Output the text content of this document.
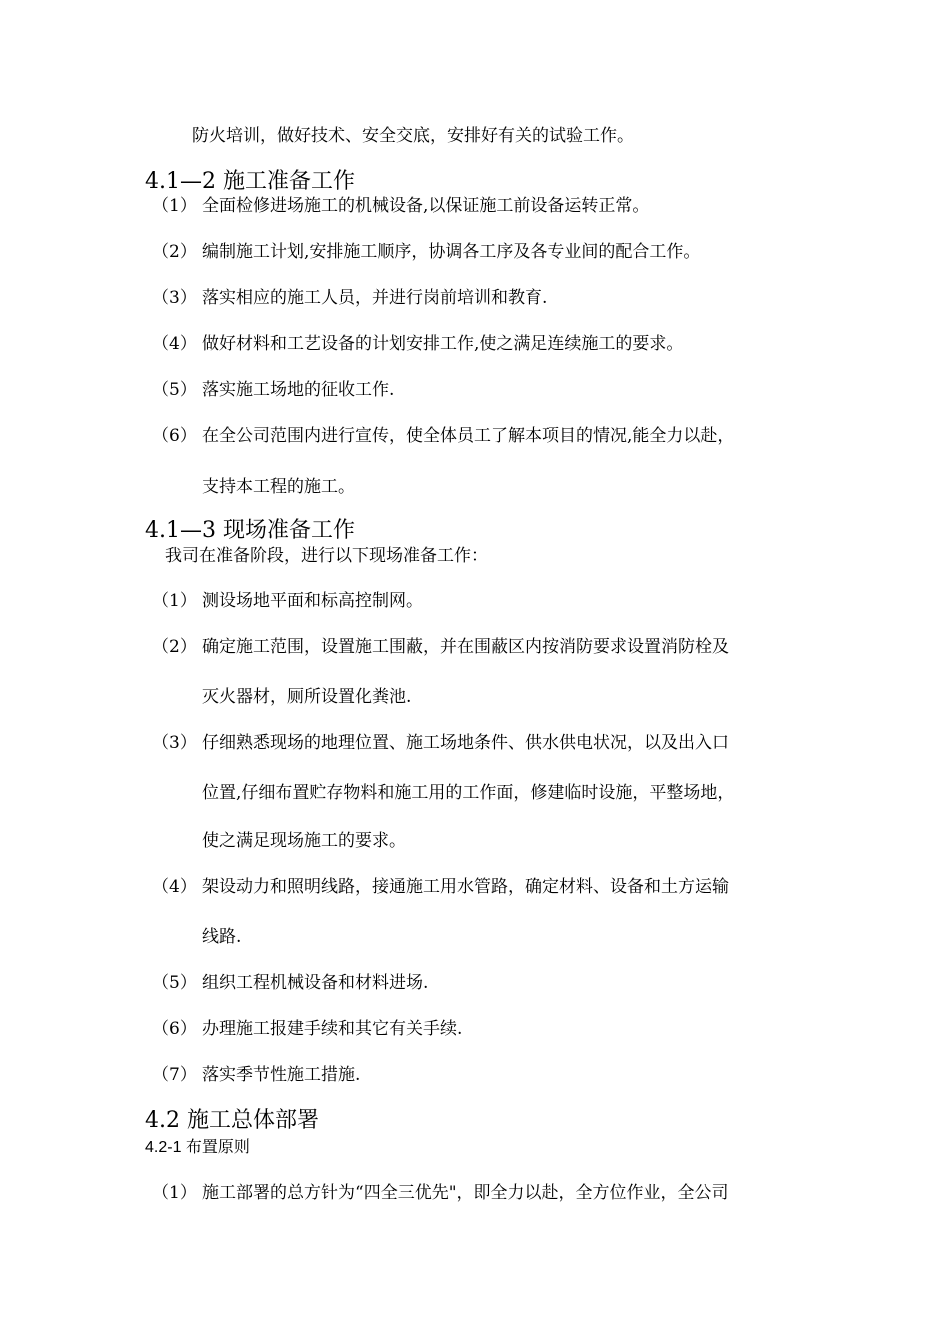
防火培训，做好技术、安全交底，安排好有关的试验工作。
4.1—2 施工准备工作
（1） 全面检修进场施工的机械设备,以保证施工前设备运转正常。
（2） 编制施工计划,安排施工顺序，协调各工序及各专业间的配合工作。
（3） 落实相应的施工人员，并进行岗前培训和教育.
（4） 做好材料和工艺设备的计划安排工作,使之满足连续施工的要求。
（5） 落实施工场地的征收工作.
（6） 在全公司范围内进行宣传，使全体员工了解本项目的情况,能全力以赴，
支持本工程的施工。
4.1—3 现场准备工作
我司在准备阶段，进行以下现场准备工作：
（1） 测设场地平面和标高控制网。
（2） 确定施工范围，设置施工围蔽，并在围蔽区内按消防要求设置消防栓及
灭火器材，厕所设置化粪池.
（3） 仔细熟悉现场的地理位置、施工场地条件、供水供电状况，以及出入口
位置,仔细布置贮存物料和施工用的工作面，修建临时设施，平整场地，
使之满足现场施工的要求。
（4） 架设动力和照明线路，接通施工用水管路，确定材料、设备和土方运输
线路.
（5） 组织工程机械设备和材料进场.
（6） 办理施工报建手续和其它有关手续.
（7） 落实季节性施工措施.
4.2 施工总体部署
4.2-1 布置原则
（1） 施工部署的总方针为“四全三优先"，即全力以赴，全方位作业，全公司
